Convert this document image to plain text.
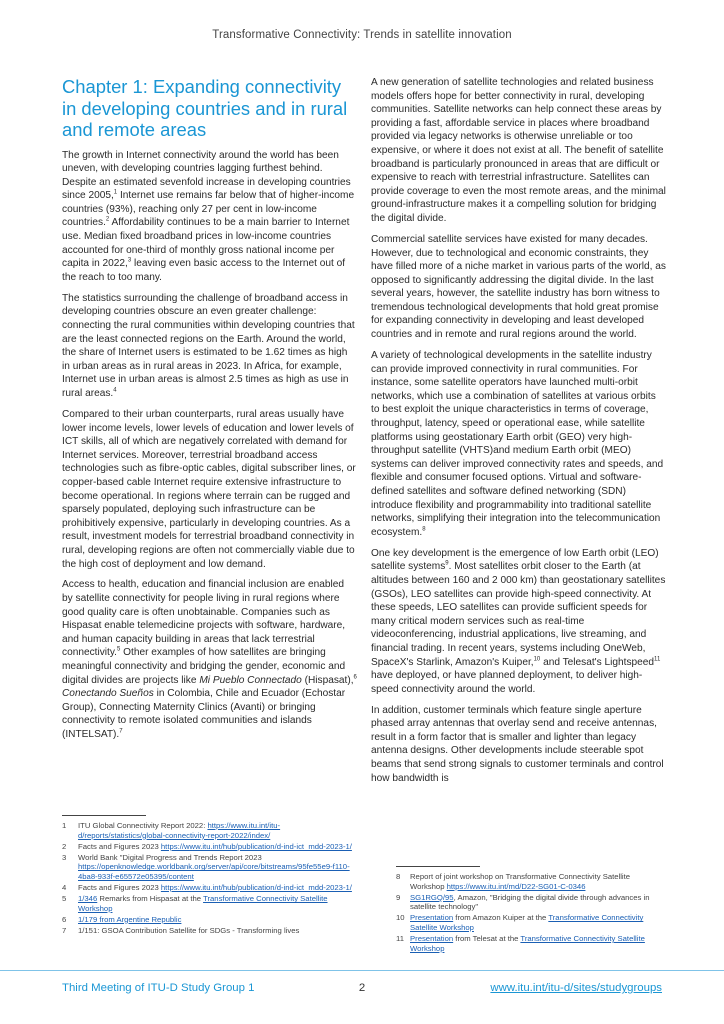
Transformative Connectivity: Trends in satellite innovation
Chapter 1: Expanding connectivity in developing countries and in rural and remote areas

The growth in Internet connectivity around the world has been uneven, with developing countries lagging furthest behind. Despite an estimated sevenfold increase in developing countries since 2005,$^1$ Internet use remains far below that of higher-income countries (93%), reaching only 27 per cent in low-income countries.$^2$ Affordability continues to be a main barrier to Internet use. Median fixed broadband prices in low-income countries accounted for one-third of monthly gross national income per capita in 2022,$^3$ leaving even basic access to the Internet out of the reach to too many.

The statistics surrounding the challenge of broadband access in developing countries obscure an even greater challenge: connecting the rural communities within developing countries that are the least connected regions on the Earth. Around the world, the share of Internet users is estimated to be 1.62 times as high in urban areas as in rural areas in 2023. In Africa, for example, Internet use in urban areas is almost 2.5 times as high as use in rural areas.$^4$

Compared to their urban counterparts, rural areas usually have lower income levels, lower levels of education and lower levels of ICT skills, all of which are negatively correlated with demand for Internet services. Moreover, terrestrial broadband access technologies such as fibre-optic cables, digital subscriber lines, or copper-based cable Internet require extensive infrastructure to become operational. In regions where terrain can be rugged and sparsely populated, deploying such infrastructure can be prohibitively expensive, particularly in developing countries. As a result, investment models for terrestrial broadband connectivity in rural, developing regions are often not commercially viable due to the high cost of deployment and low demand.

Access to health, education and financial inclusion are enabled by satellite connectivity for people living in rural regions where good quality care is often unobtainable. Companies such as Hispasat enable telemedicine projects with software, hardware, and human capacity building in areas that lack terrestrial connectivity.$^5$ Other examples of how satellites are bringing meaningful connectivity and bridging the gender, economic and digital divides are projects like Mi Pueblo Connectado (Hispasat),$^6$ Conectando Sueños in Colombia, Chile and Ecuador (Echostar Group), Connecting Maternity Clinics (Avanti) or bringing connectivity to remote isolated communities and islands (INTELSAT).$^7$

A new generation of satellite technologies and related business models offers hope for better connectivity in rural, developing communities. Satellite networks can help connect these areas by providing a fast, affordable service in places where broadband provided via legacy networks is otherwise unreliable or too expensive, or where it does not exist at all. The benefit of satellite broadband is particularly pronounced in areas that are difficult or expensive to reach with terrestrial infrastructure. Satellites can provide coverage to even the most remote areas, and the minimal ground-infrastructure makes it a compelling solution for bridging the digital divide.

Commercial satellite services have existed for many decades. However, due to technological and economic constraints, they have filled more of a niche market in various parts of the world, as opposed to significantly addressing the digital divide. In the last several years, however, the satellite industry has born witness to tremendous technological developments that hold great promise for expanding connectivity in developing and least developed countries and in remote and rural regions around the world.

A variety of technological developments in the satellite industry can provide improved connectivity in rural communities. For instance, some satellite operators have launched multi-orbit networks, which use a combination of satellites at various orbits to best exploit the unique characteristics in terms of coverage, throughput, latency, speed or operational ease, while satellite platforms using geostationary Earth orbit (GEO) very high-throughput satellite (VHTS)and medium Earth orbit (MEO) systems can deliver improved connectivity rates and speeds, and flexible and consumer focused options. Virtual and software-defined satellites and software defined networking (SDN) introduce flexibility and programmability into traditional satellite networks, simplifying their integration into the telecommunication ecosystem.$^8$

One key development is the emergence of low Earth orbit (LEO) satellite systems$^9$. Most satellites orbit closer to the Earth (at altitudes between 160 and 2 000 km) than geostationary satellites (GSOs), LEO satellites can provide high-speed connectivity. At these speeds, LEO satellites can provide sufficient speeds for many critical modern services such as real-time videoconferencing, industrial applications, live streaming, and financial trading. In recent years, systems including OneWeb, SpaceX's Starlink, Amazon's Kuiper,$^{10}$ and Telesat's Lightspeed$^{11}$ have deployed, or have planned deployment, to deliver high-speed connectivity around the world.

In addition, customer terminals which feature single aperture phased array antennas that overlay send and receive antennas, result in a form factor that is smaller and lighter than legacy antenna designs. Other developments include steerable spot beams that send strong signals to customer terminals and control how bandwidth is

1 ITU Global Connectivity Report 2022: https://www.itu.int/itu-d/reports/statistics/global-connectivity-report-2022/index/
2 Facts and Figures 2023 https://www.itu.int/hub/publication/d-ind-ict_mdd-2023-1/
3 World Bank "Digital Progress and Trends Report 2023 https://openknowledge.worldbank.org/server/api/core/bitstreams/95fe55e9-f110-4ba8-933f-e65572e05395/content
4 Facts and Figures 2023 https://www.itu.int/hub/publication/d-ind-ict_mdd-2023-1/
5 1/346 Remarks from Hispasat at the Transformative Connectivity Satellite Workshop
6 1/179 from Argentine Republic
7 1/151: GSOA Contribution Satellite for SDGs - Transforming lives
8 Report of joint workshop on Transformative Connectivity Satellite Workshop https://www.itu.int/md/D22-SG01-C-0346
9 SG1RGQ/95, Amazon, "Bridging the digital divide through advances in satellite technology"
10 Presentation from Amazon Kuiper at the Transformative Connectivity Satellite Workshop
11 Presentation from Telesat at the Transformative Connectivity Satellite Workshop
Third Meeting of ITU-D Study Group 1	2	www.itu.int/itu-d/sites/studygroups
